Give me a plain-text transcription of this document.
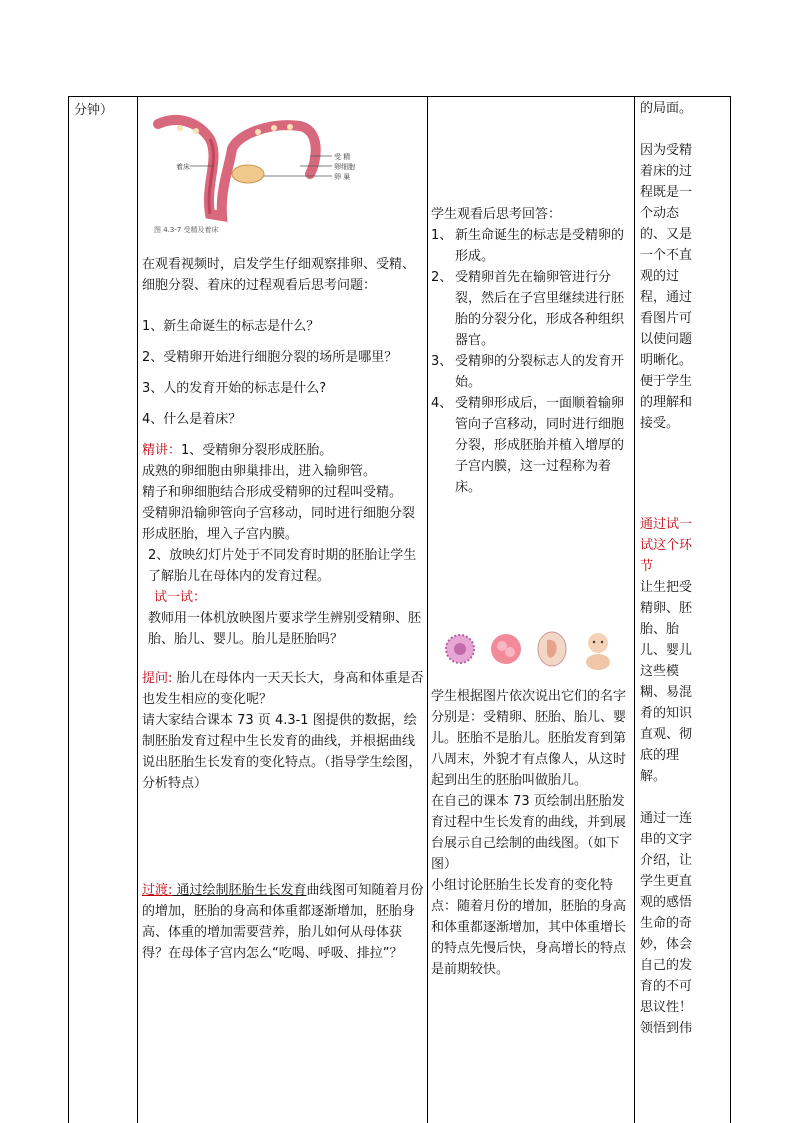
分钟）

受 精
卵细胞
卵 巢
着床
图 4.3-7 受精及着床

在观看视频时，启发学生仔细观察排卵、受精、细胞分裂、着床的过程观看后思考问题：

1、新生命诞生的标志是什么？

2、受精卵开始进行细胞分裂的场所是哪里？

3、人的发育开始的标志是什么?

4、什么是着床？

精讲：1、受精卵分裂形成胚胎。

成熟的卵细胞由卵巢排出，进入输卵管。

精子和卵细胞结合形成受精卵的过程叫受精。

受精卵沿输卵管向子宫移动，同时进行细胞分裂形成胚胎，埋入子宫内膜。

2、放映幻灯片处于不同发育时期的胚胎让学生了解胎儿在母体内的发育过程。

试一试：

教师用一体机放映图片要求学生辨别受精卵、胚胎、胎儿、婴儿。胎儿是胚胎吗？

提问: 胎儿在母体内一天天长大，身高和体重是否也发生相应的变化呢？

请大家结合课本 73 页 4.3-1 图提供的数据，绘制胚胎发育过程中生长发育的曲线，并根据曲线说出胚胎生长发育的变化特点。（指导学生绘图，分析特点）

过渡: 通过绘制胚胎生长发育曲线图可知随着月份的增加，胚胎的身高和体重都逐渐增加，胚胎身高、体重的增加需要营养，胎儿如何从母体获得？在母体子宫内怎么“吃喝、呼吸、排拉”？

学生观看后思考回答：

1、 新生命诞生的标志是受精卵的形成。
2、 受精卵首先在输卵管进行分裂，然后在子宫里继续进行胚胎的分裂分化，形成各种组织器官。
3、 受精卵的分裂标志人的发育开始。
4、 受精卵形成后，一面顺着输卵管向子宫移动，同时进行细胞分裂，形成胚胎并植入增厚的子宫内膜，这一过程称为着床。

学生根据图片依次说出它们的名字分别是：受精卵、胚胎、胎儿、婴儿。胚胎不是胎儿。胚胎发育到第八周末，外貌才有点像人，从这时起到出生的胚胎叫做胎儿。

在自己的课本 73 页绘制出胚胎发育过程中生长发育的曲线，并到展台展示自己绘制的曲线图。（如下图）

小组讨论胚胎生长发育的变化特点：随着月份的增加，胚胎的身高和体重都逐渐增加，其中体重增长的特点先慢后快，身高增长的特点是前期较快。

的局面。

因为受精着床的过程既是一个动态的、又是一个不直观的过程，通过看图片可以使问题明晰化。便于学生的理解和接受。

通过试一试这个环节

让生把受精卵、胚胎、胎儿、婴儿这些模糊、易混肴的知识直观、彻底的理解。

通过一连串的文字介绍，让学生更直观的感悟生命的奇妙，体会自己的发育的不可思议性！领悟到伟
